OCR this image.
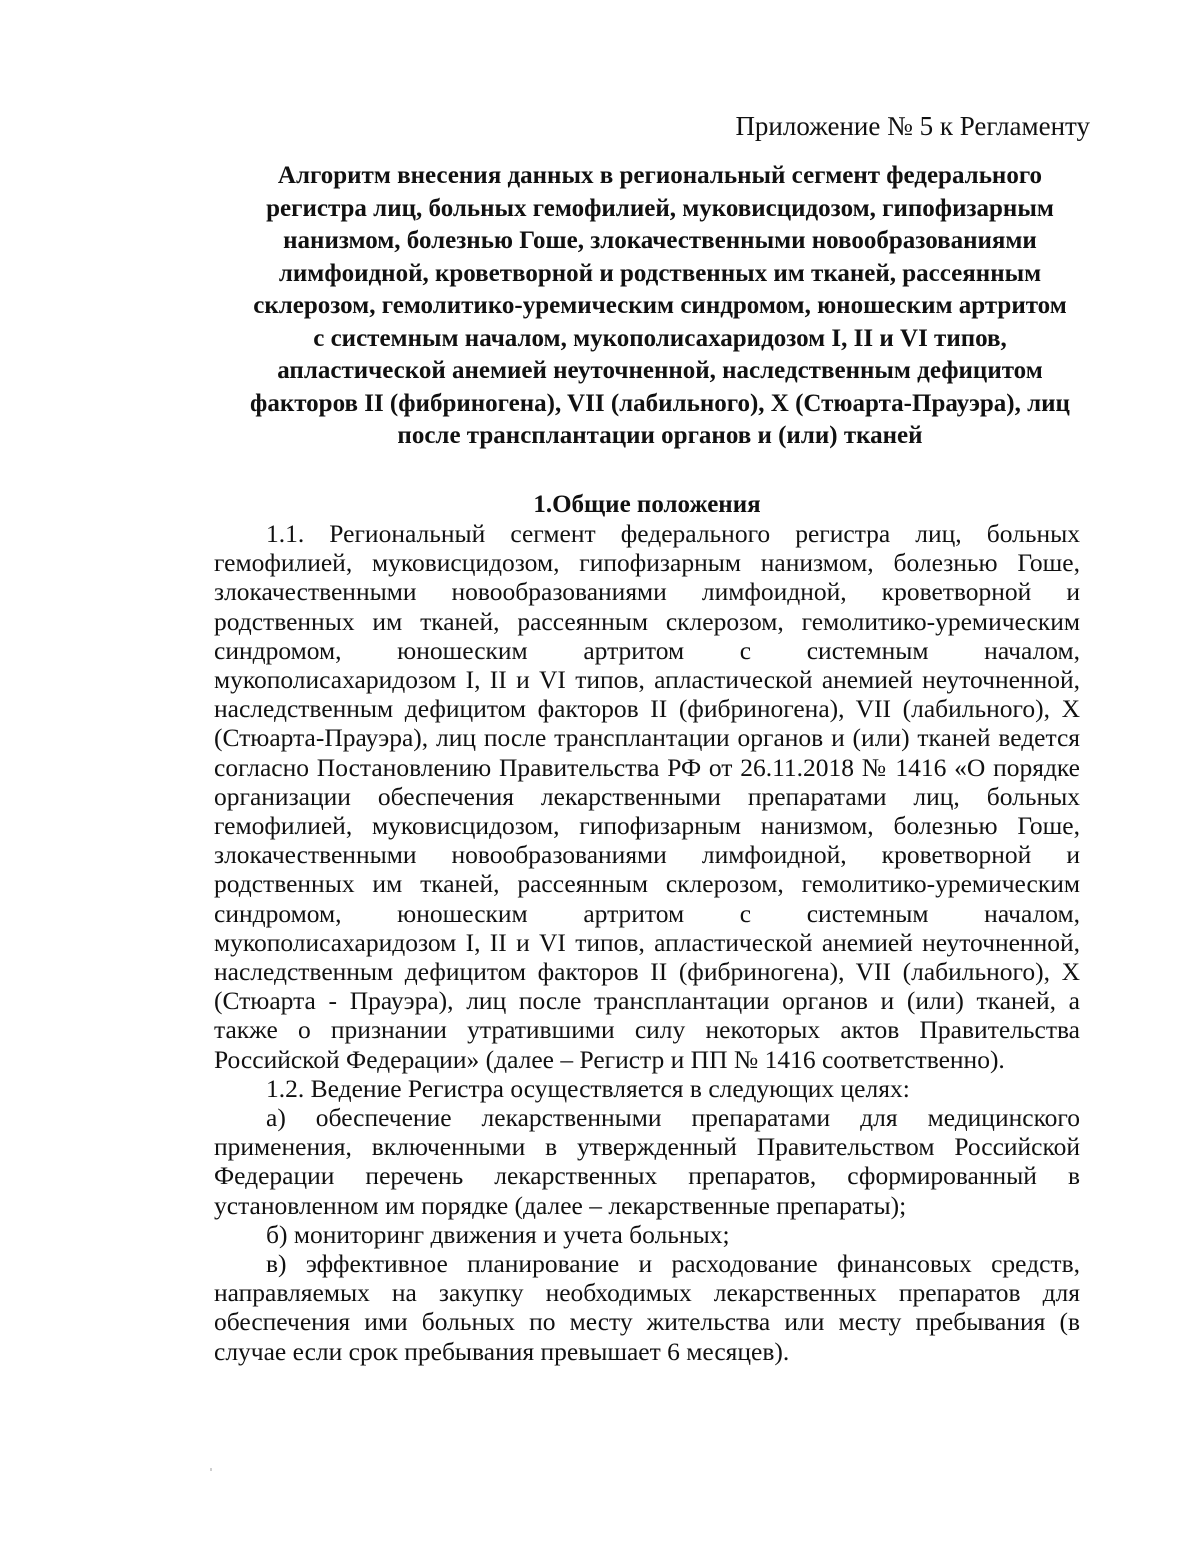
Приложение № 5 к Регламенту
Алгоритм внесения данных в региональный сегмент федерального
регистра лиц, больных гемофилией, муковисцидозом, гипофизарным
нанизмом, болезнью Гоше, злокачественными новообразованиями
лимфоидной, кроветворной и родственных им тканей, рассеянным
склерозом, гемолитико-уремическим синдромом, юношеским артритом
с системным началом, мукополисахаридозом I, II и VI типов,
апластической анемией неуточненной, наследственным дефицитом
факторов II (фибриногена), VII (лабильного), X (Стюарта-Прауэра), лиц
после трансплантации органов и (или) тканей
1.Общие положения

1.1. Региональный сегмент федерального регистра лиц, больных гемофилией, муковисцидозом, гипофизарным нанизмом, болезнью Гоше, злокачественными новообразованиями лимфоидной, кроветворной и родственных им тканей, рассеянным склерозом, гемолитико-уремическим синдромом, юношеским артритом с системным началом, мукополисахаридозом I, II и VI типов, апластической анемией неуточненной, наследственным дефицитом факторов II (фибриногена), VII (лабильного), X (Стюарта-Прауэра), лиц после трансплантации органов и (или) тканей ведется согласно Постановлению Правительства РФ от 26.11.2018 № 1416 «О порядке организации обеспечения лекарственными препаратами лиц, больных гемофилией, муковисцидозом, гипофизарным нанизмом, болезнью Гоше, злокачественными новообразованиями лимфоидной, кроветворной и родственных им тканей, рассеянным склерозом, гемолитико-уремическим синдромом, юношеским артритом с системным началом, мукополисахаридозом I, II и VI типов, апластической анемией неуточненной, наследственным дефицитом факторов II (фибриногена), VII (лабильного), X (Стюарта - Прауэра), лиц после трансплантации органов и (или) тканей, а также о признании утратившими силу некоторых актов Правительства Российской Федерации» (далее – Регистр и ПП № 1416 соответственно).

1.2. Ведение Регистра осуществляется в следующих целях:

а) обеспечение лекарственными препаратами для медицинского применения, включенными в утвержденный Правительством Российской Федерации перечень лекарственных препаратов, сформированный в установленном им порядке (далее – лекарственные препараты);

б) мониторинг движения и учета больных;

в) эффективное планирование и расходование финансовых средств, направляемых на закупку необходимых лекарственных препаратов для обеспечения ими больных по месту жительства или месту пребывания (в случае если срок пребывания превышает 6 месяцев).
